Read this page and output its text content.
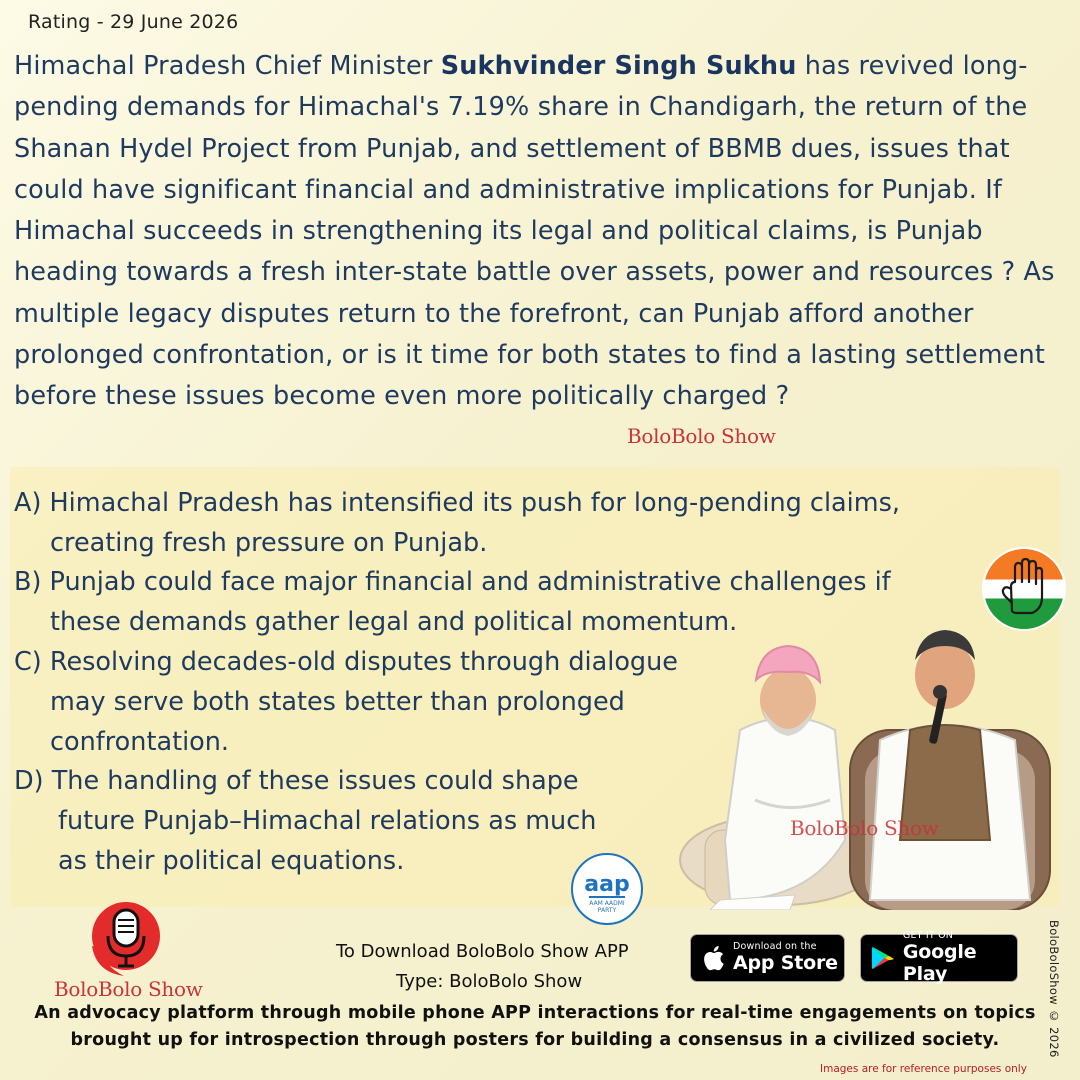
Rating - 29 June 2026
Himachal Pradesh Chief Minister Sukhvinder Singh Sukhu has revived long-pending demands for Himachal's 7.19% share in Chandigarh, the return of the Shanan Hydel Project from Punjab, and settlement of BBMB dues, issues that could have significant financial and administrative implications for Punjab. If Himachal succeeds in strengthening its legal and political claims, is Punjab heading towards a fresh inter-state battle over assets, power and resources ? As multiple legacy disputes return to the forefront, can Punjab afford another prolonged confrontation, or is it time for both states to find a lasting settlement before these issues become even more politically charged ?
BoloBolo Show
A) Himachal Pradesh has intensified its push for long-pending claims,
creating fresh pressure on Punjab.
B) Punjab could face major financial and administrative challenges if
these demands gather legal and political momentum.
C) Resolving decades-old disputes through dialogue
may serve both states better than prolonged
confrontation.
D) The handling of these issues could shape
future Punjab–Himachal relations as much
as their political equations.
BoloBolo Show
aap
AAM AADMI
PARTY
BoloBolo Show
To Download BoloBolo Show APP
Type: BoloBolo Show
Download on the
App Store
GET IT ON
Google Play
An advocacy platform through mobile phone APP interactions for real-time engagements on topics
brought up for introspection through posters for building a consensus in a civilized society.	BoloBoloShow © 2026
Images are for reference purposes only
